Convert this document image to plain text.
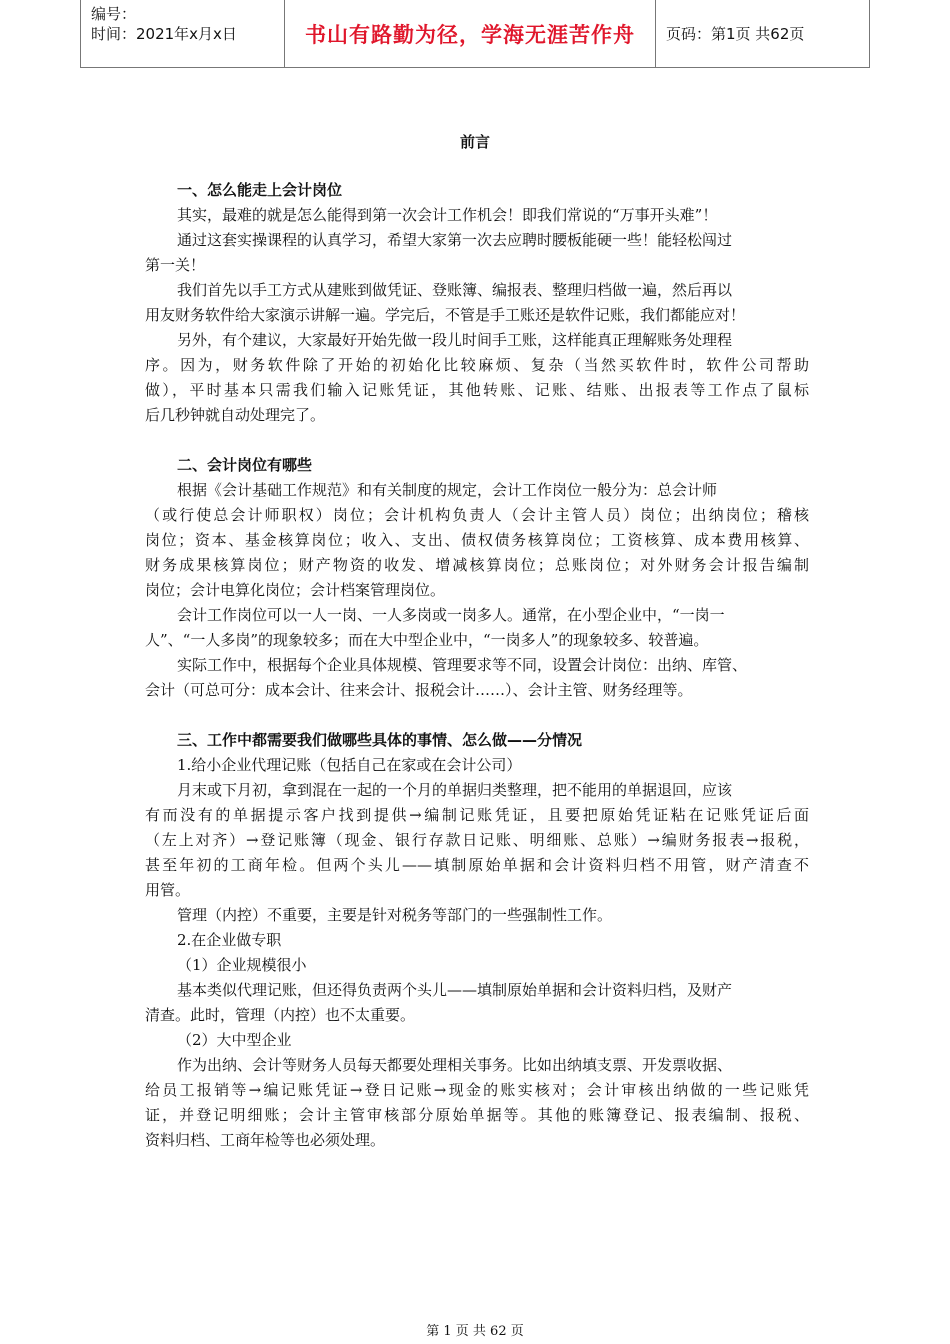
编号：
时间：2021年x月x日	书山有路勤为径，学海无涯苦作舟 页码：第1页 共62页
前言
一、怎么能走上会计岗位
其实，最难的就是怎么能得到第一次会计工作机会！即我们常说的“万事开头难”！
通过这套实操课程的认真学习，希望大家第一次去应聘时腰板能硬一些！能轻松闯过
第一关！
我们首先以手工方式从建账到做凭证、登账簿、编报表、整理归档做一遍，然后再以
用友财务软件给大家演示讲解一遍。学完后，不管是手工账还是软件记账，我们都能应对！
另外，有个建议，大家最好开始先做一段儿时间手工账，这样能真正理解账务处理程
序。因为，财务软件除了开始的初始化比较麻烦、复杂（当然买软件时，软件公司帮助
做），平时基本只需我们输入记账凭证，其他转账、记账、结账、出报表等工作点了鼠标
后几秒钟就自动处理完了。
二、会计岗位有哪些
根据《会计基础工作规范》和有关制度的规定，会计工作岗位一般分为：总会计师
（或行使总会计师职权）岗位；会计机构负责人（会计主管人员）岗位；出纳岗位；稽核
岗位；资本、基金核算岗位；收入、支出、债权债务核算岗位；工资核算、成本费用核算、
财务成果核算岗位；财产物资的收发、增减核算岗位；总账岗位；对外财务会计报告编制
岗位；会计电算化岗位；会计档案管理岗位。
会计工作岗位可以一人一岗、一人多岗或一岗多人。通常，在小型企业中，“一岗一
人”、“一人多岗”的现象较多；而在大中型企业中，“一岗多人”的现象较多、较普遍。
实际工作中，根据每个企业具体规模、管理要求等不同，设置会计岗位：出纳、库管、
会计（可总可分：成本会计、往来会计、报税会计……）、会计主管、财务经理等。
三、工作中都需要我们做哪些具体的事情、怎么做——分情况
1.给小企业代理记账（包括自己在家或在会计公司）
月末或下月初，拿到混在一起的一个月的单据归类整理，把不能用的单据退回，应该
有而没有的单据提示客户找到提供→编制记账凭证，且要把原始凭证粘在记账凭证后面
（左上对齐）→登记账簿（现金、银行存款日记账、明细账、总账）→编财务报表→报税，
甚至年初的工商年检。但两个头儿——填制原始单据和会计资料归档不用管，财产清查不
用管。
管理（内控）不重要，主要是针对税务等部门的一些强制性工作。
2.在企业做专职
（1）企业规模很小
基本类似代理记账，但还得负责两个头儿——填制原始单据和会计资料归档，及财产
清查。此时，管理（内控）也不太重要。
（2）大中型企业
作为出纳、会计等财务人员每天都要处理相关事务。比如出纳填支票、开发票收据、
给员工报销等→编记账凭证→登日记账→现金的账实核对；会计审核出纳做的一些记账凭
证，并登记明细账；会计主管审核部分原始单据等。其他的账簿登记、报表编制、报税、
资料归档、工商年检等也必须处理。
第 1 页 共 62 页
